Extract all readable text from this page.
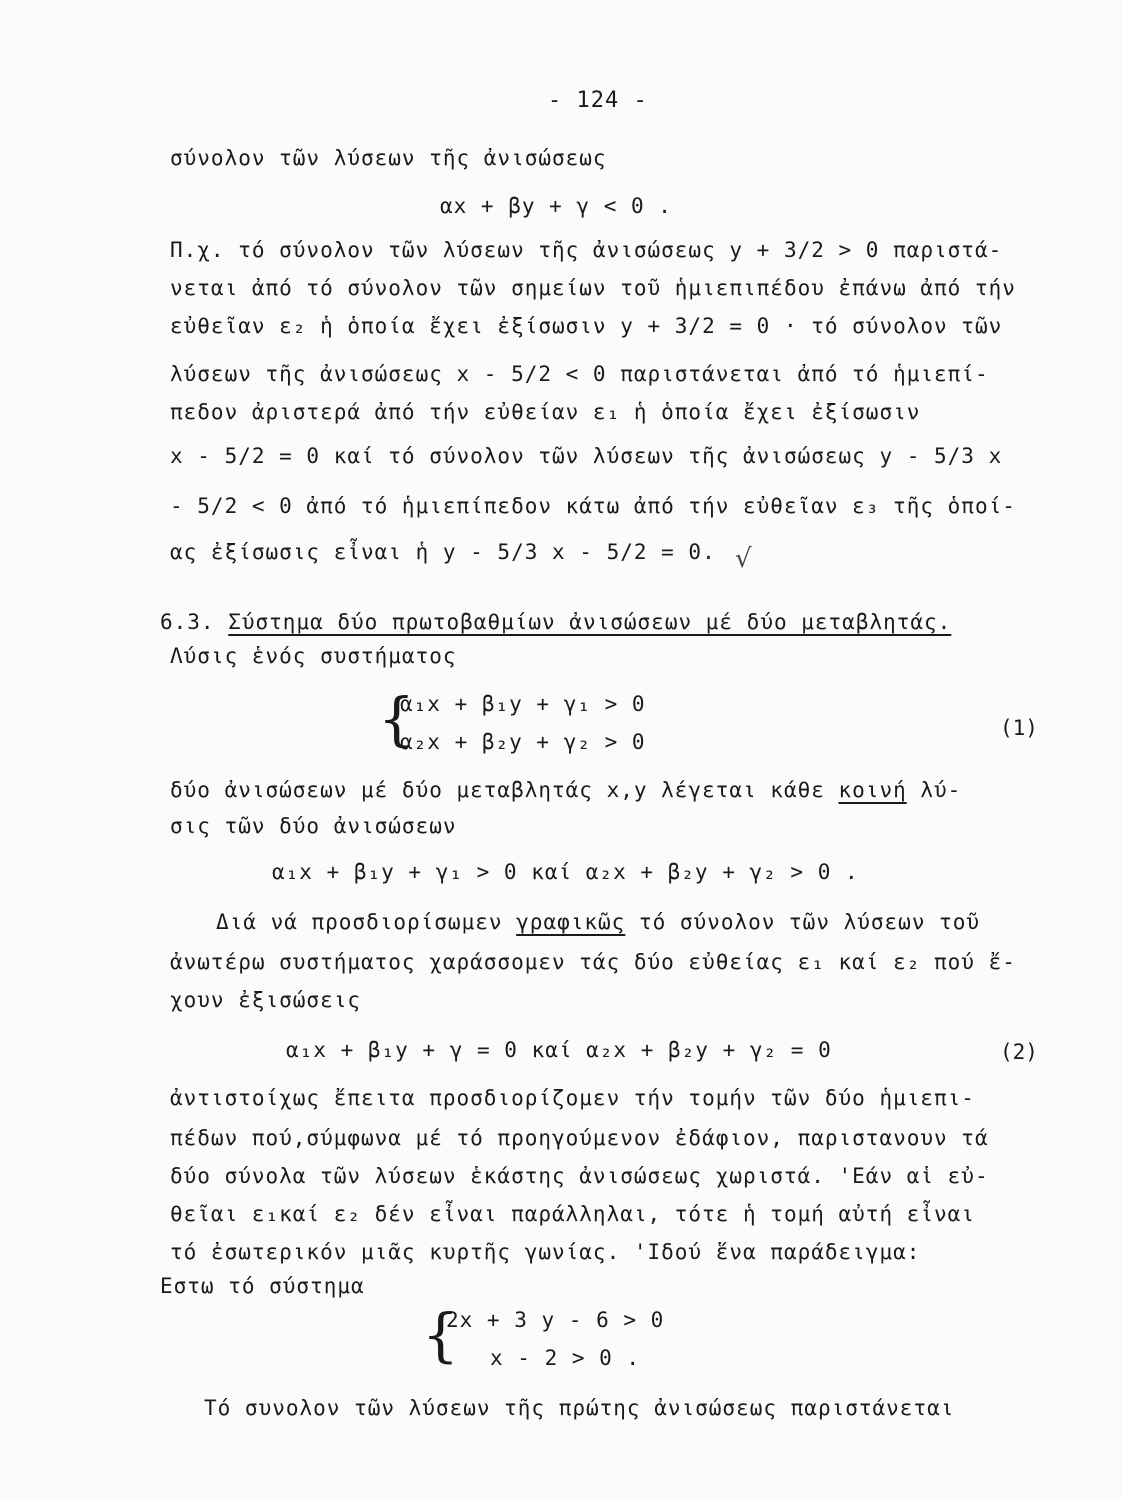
- 124 -
σύνολον τῶν λύσεων τῆς ἀνισώσεως
αx + βy + γ < 0 .
Π.χ. τό σύνολον τῶν λύσεων τῆς ἀνισώσεως y + 3/2 > 0 παριστά-
νεται ἀπό τό σύνολον τῶν σημείων τοῦ ἡμιεπιπέδου ἐπάνω ἀπό τήν
εὐθεῖαν ε₂ ἡ ὁποία ἔχει ἐξίσωσιν y + 3/2 = 0 · τό σύνολον τῶν
λύσεων τῆς ἀνισώσεως x - 5/2 < 0 παριστάνεται ἀπό τό ἡμιεπί-
πεδον ἀριστερά ἀπό τήν εὐθείαν ε₁ ἡ ὁποία ἔχει ἐξίσωσιν
x - 5/2 = 0 καί τό σύνολον τῶν λύσεων τῆς ἀνισώσεως y - 5/3 x
- 5/2 < 0 ἀπό τό ἡμιεπίπεδον κάτω ἀπό τήν εὐθεῖαν ε₃ τῆς ὁποί-
ας ἐξίσωσις εἶναι ἡ y - 5/3 x - 5/2 = 0. √
6.3. Σύστημα δύο πρωτοβαθμίων ἀνισώσεων μέ δύο μεταβλητάς.
Λύσις ἑνός συστήματος
{
α₁x + β₁y + γ₁ > 0
α₂x + β₂y + γ₂ > 0
(1)
δύο ἀνισώσεων μέ δύο μεταβλητάς x,y λέγεται κάθε κοινή λύ-
σις τῶν δύο ἀνισώσεων
α₁x + β₁y + γ₁ > 0 καί α₂x + β₂y + γ₂ > 0 .
Διά νά προσδιορίσωμεν γραφικῶς τό σύνολον τῶν λύσεων τοῦ
ἀνωτέρω συστήματος χαράσσομεν τάς δύο εὐθείας ε₁ καί ε₂ πού ἔ-
χουν ἐξισώσεις
α₁x + β₁y + γ = 0 καί α₂x + β₂y + γ₂ = 0	(2)
ἀντιστοίχως ἔπειτα προσδιορίζομεν τήν τομήν τῶν δύο ἡμιεπι-
πέδων πού,σύμφωνα μέ τό προηγούμενον ἐδάφιον, παριστανουν τά
δύο σύνολα τῶν λύσεων ἑκάστης ἀνισώσεως χωριστά. 'Εάν αἱ εὐ-
θεῖαι ε₁καί ε₂ δέν εἶναι παράλληλαι, τότε ἡ τομή αὐτή εἶναι
τό ἐσωτερικόν μιᾶς κυρτῆς γωνίας. 'Ιδού ἕνα παράδειγμα:
Εστω τό σύστημα
{
2x + 3 y - 6 > 0
x - 2 > 0 .
Τό συνολον τῶν λύσεων τῆς πρώτης ἀνισώσεως παριστάνεται
